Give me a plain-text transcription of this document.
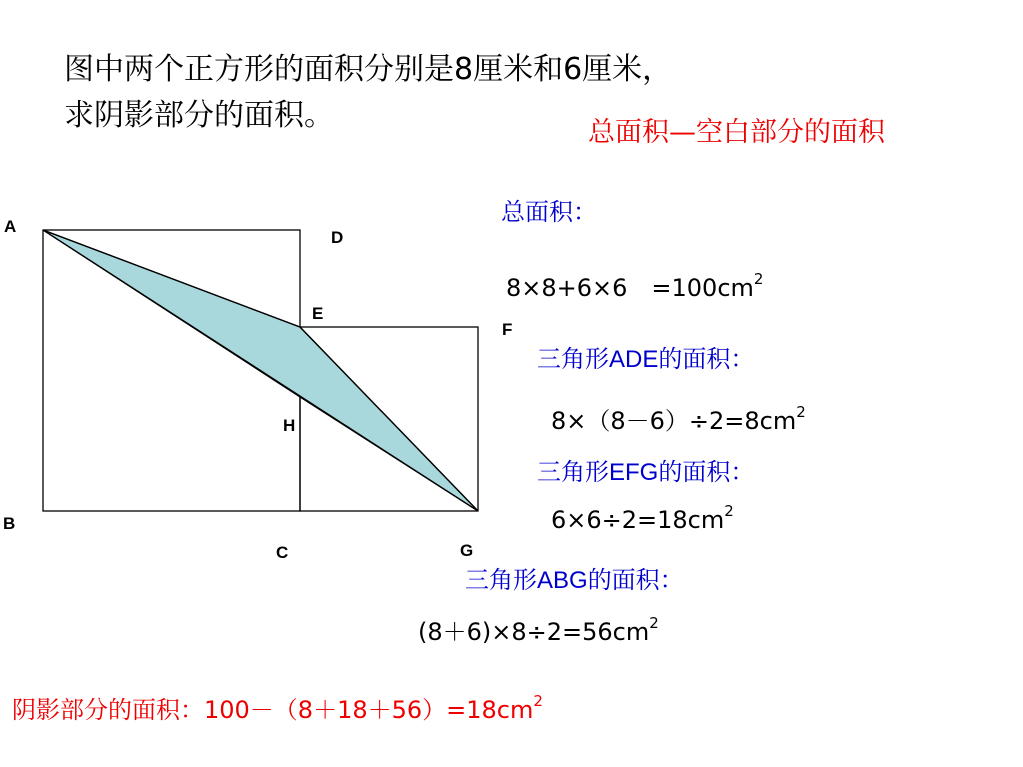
图中两个正方形的面积分别是8厘米和6厘米，
求阴影部分的面积。	总面积—空白部分的面积
A
B
C
D
E
F
G
H
总面积：
8×8+6×6　$=100cm^2$
三角形ADE的面积：
$8\times(8-6)\div 2=8cm^2$
三角形EFG的面积：
$6\times 6\div 2=18cm^2$
三角形ABG的面积：
$(8+6)\times 8\div 2=56cm^2$
阴影部分的面积：$100-(8+18+56)=18cm^2$
